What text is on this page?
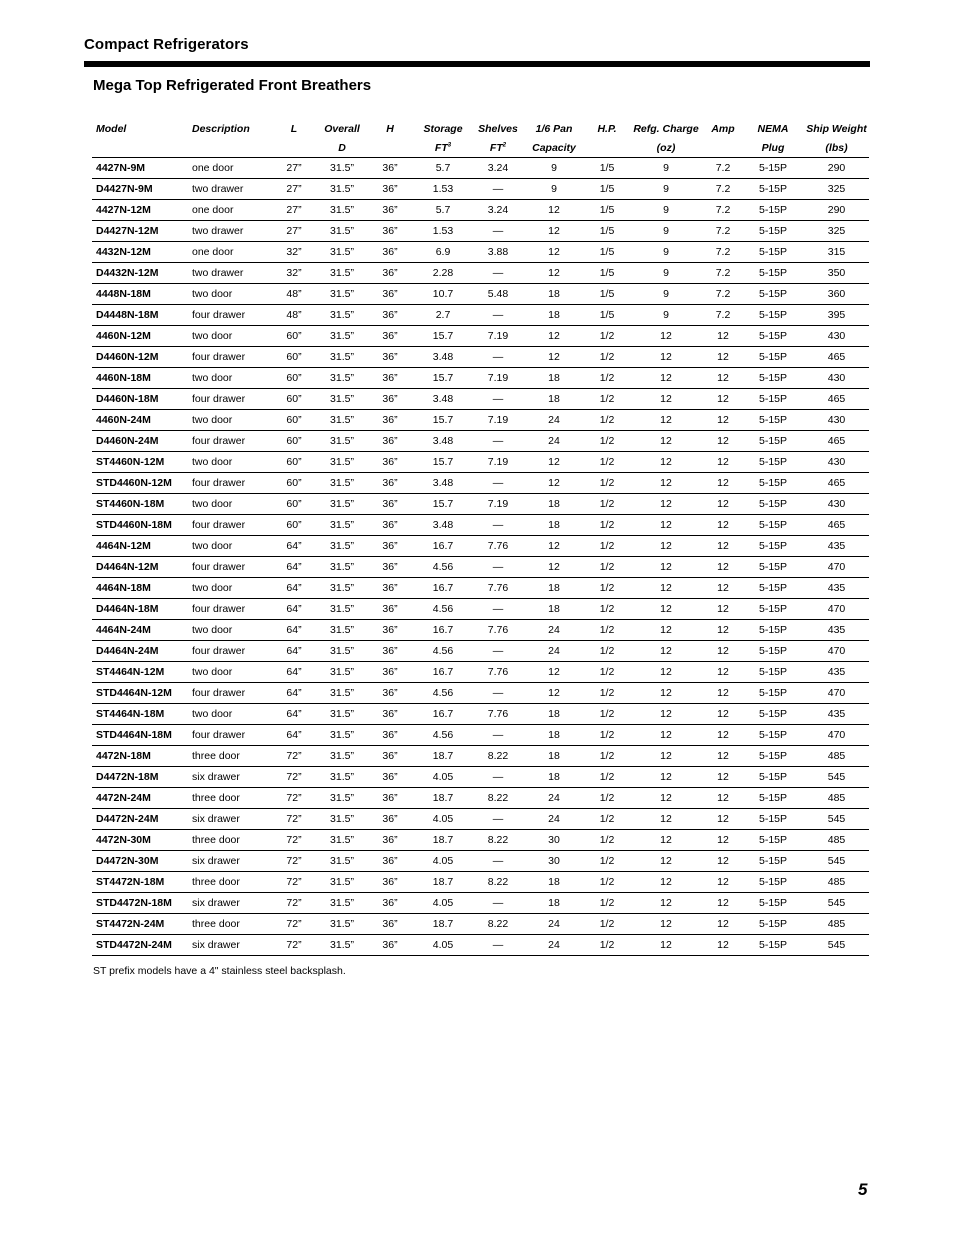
Compact Refrigerators
Mega Top Refrigerated Front Breathers
Model	Description	L	Overall	H	Storage	Shelves	1/6 Pan	H.P.	Refg. Charge	Amp	NEMA	Ship Weight
			D		$FT^3$	$FT^2$	Capacity		(oz)		Plug	(lbs)
4427N-9M	one door	27”	31.5”	36”	5.7	3.24	9	1/5	9	7.2	5-15P	290
D4427N-9M	two drawer	27”	31.5”	36”	1.53	—	9	1/5	9	7.2	5-15P	325
4427N-12M	one door	27”	31.5”	36”	5.7	3.24	12	1/5	9	7.2	5-15P	290
D4427N-12M	two drawer	27”	31.5”	36”	1.53	—	12	1/5	9	7.2	5-15P	325
4432N-12M	one door	32”	31.5”	36”	6.9	3.88	12	1/5	9	7.2	5-15P	315
D4432N-12M	two drawer	32”	31.5”	36”	2.28	—	12	1/5	9	7.2	5-15P	350
4448N-18M	two door	48”	31.5”	36”	10.7	5.48	18	1/5	9	7.2	5-15P	360
D4448N-18M	four drawer	48”	31.5”	36”	2.7	—	18	1/5	9	7.2	5-15P	395
4460N-12M	two door	60”	31.5”	36”	15.7	7.19	12	1/2	12	12	5-15P	430
D4460N-12M	four drawer	60”	31.5”	36”	3.48	—	12	1/2	12	12	5-15P	465
4460N-18M	two door	60”	31.5”	36”	15.7	7.19	18	1/2	12	12	5-15P	430
D4460N-18M	four drawer	60”	31.5”	36”	3.48	—	18	1/2	12	12	5-15P	465
4460N-24M	two door	60”	31.5”	36”	15.7	7.19	24	1/2	12	12	5-15P	430
D4460N-24M	four drawer	60”	31.5”	36”	3.48	—	24	1/2	12	12	5-15P	465
ST4460N-12M	two door	60”	31.5”	36”	15.7	7.19	12	1/2	12	12	5-15P	430
STD4460N-12M	four drawer	60”	31.5”	36”	3.48	—	12	1/2	12	12	5-15P	465
ST4460N-18M	two door	60”	31.5”	36”	15.7	7.19	18	1/2	12	12	5-15P	430
STD4460N-18M	four drawer	60”	31.5”	36”	3.48	—	18	1/2	12	12	5-15P	465
4464N-12M	two door	64”	31.5”	36”	16.7	7.76	12	1/2	12	12	5-15P	435
D4464N-12M	four drawer	64”	31.5”	36”	4.56	—	12	1/2	12	12	5-15P	470
4464N-18M	two door	64”	31.5”	36”	16.7	7.76	18	1/2	12	12	5-15P	435
D4464N-18M	four drawer	64”	31.5”	36”	4.56	—	18	1/2	12	12	5-15P	470
4464N-24M	two door	64”	31.5”	36”	16.7	7.76	24	1/2	12	12	5-15P	435
D4464N-24M	four drawer	64”	31.5”	36”	4.56	—	24	1/2	12	12	5-15P	470
ST4464N-12M	two door	64”	31.5”	36”	16.7	7.76	12	1/2	12	12	5-15P	435
STD4464N-12M	four drawer	64”	31.5”	36”	4.56	—	12	1/2	12	12	5-15P	470
ST4464N-18M	two door	64”	31.5”	36”	16.7	7.76	18	1/2	12	12	5-15P	435
STD4464N-18M	four drawer	64”	31.5”	36”	4.56	—	18	1/2	12	12	5-15P	470
4472N-18M	three door	72”	31.5”	36”	18.7	8.22	18	1/2	12	12	5-15P	485
D4472N-18M	six drawer	72”	31.5”	36”	4.05	—	18	1/2	12	12	5-15P	545
4472N-24M	three door	72”	31.5”	36”	18.7	8.22	24	1/2	12	12	5-15P	485
D4472N-24M	six drawer	72”	31.5”	36”	4.05	—	24	1/2	12	12	5-15P	545
4472N-30M	three door	72”	31.5”	36”	18.7	8.22	30	1/2	12	12	5-15P	485
D4472N-30M	six drawer	72”	31.5”	36”	4.05	—	30	1/2	12	12	5-15P	545
ST4472N-18M	three door	72”	31.5”	36”	18.7	8.22	18	1/2	12	12	5-15P	485
STD4472N-18M	six drawer	72”	31.5”	36”	4.05	—	18	1/2	12	12	5-15P	545
ST4472N-24M	three door	72”	31.5”	36”	18.7	8.22	24	1/2	12	12	5-15P	485
STD4472N-24M	six drawer	72”	31.5”	36”	4.05	—	24	1/2	12	12	5-15P	545
ST prefix models have a 4" stainless steel backsplash.
5
